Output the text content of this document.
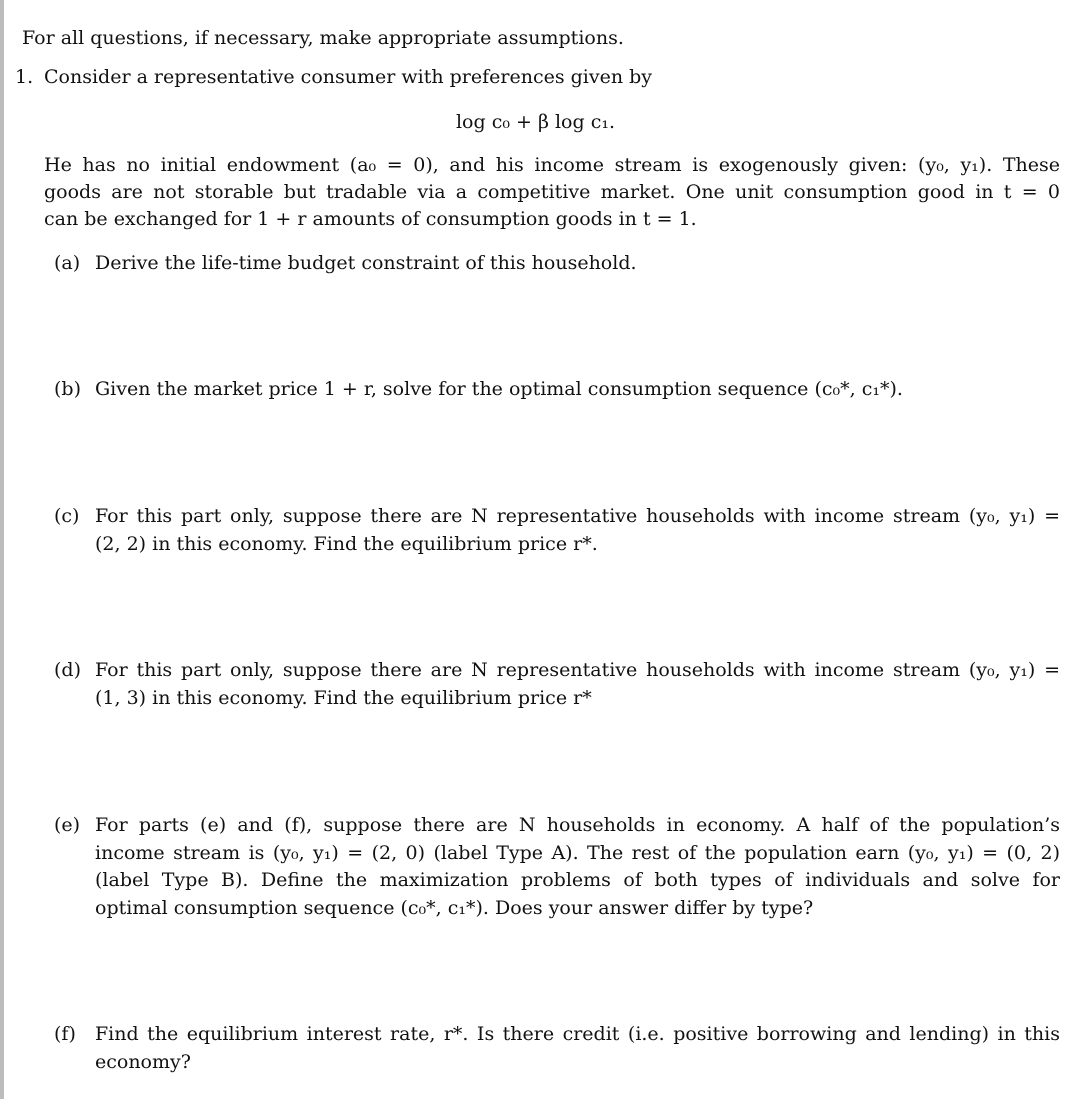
For all questions, if necessary, make appropriate assumptions.
1. Consider a representative consumer with preferences given by
log c₀ + β log c₁.
He has no initial endowment (a₀ = 0), and his income stream is exogenously given: (y₀, y₁). These
goods are not storable but tradable via a competitive market. One unit consumption good in t = 0
can be exchanged for 1 + r amounts of consumption goods in t = 1.
(a) Derive the life-time budget constraint of this household.
(b) Given the market price 1 + r, solve for the optimal consumption sequence (c₀*, c₁*).
(c) For this part only, suppose there are N representative households with income stream (y₀, y₁) =
(2, 2) in this economy. Find the equilibrium price r*.
(d) For this part only, suppose there are N representative households with income stream (y₀, y₁) =
(1, 3) in this economy. Find the equilibrium price r*
(e) For parts (e) and (f), suppose there are N households in economy. A half of the population’s
income stream is (y₀, y₁) = (2, 0) (label Type A). The rest of the population earn (y₀, y₁) = (0, 2)
(label Type B). Define the maximization problems of both types of individuals and solve for
optimal consumption sequence (c₀*, c₁*). Does your answer differ by type?
(f) Find the equilibrium interest rate, r*. Is there credit (i.e. positive borrowing and lending) in this
economy?
